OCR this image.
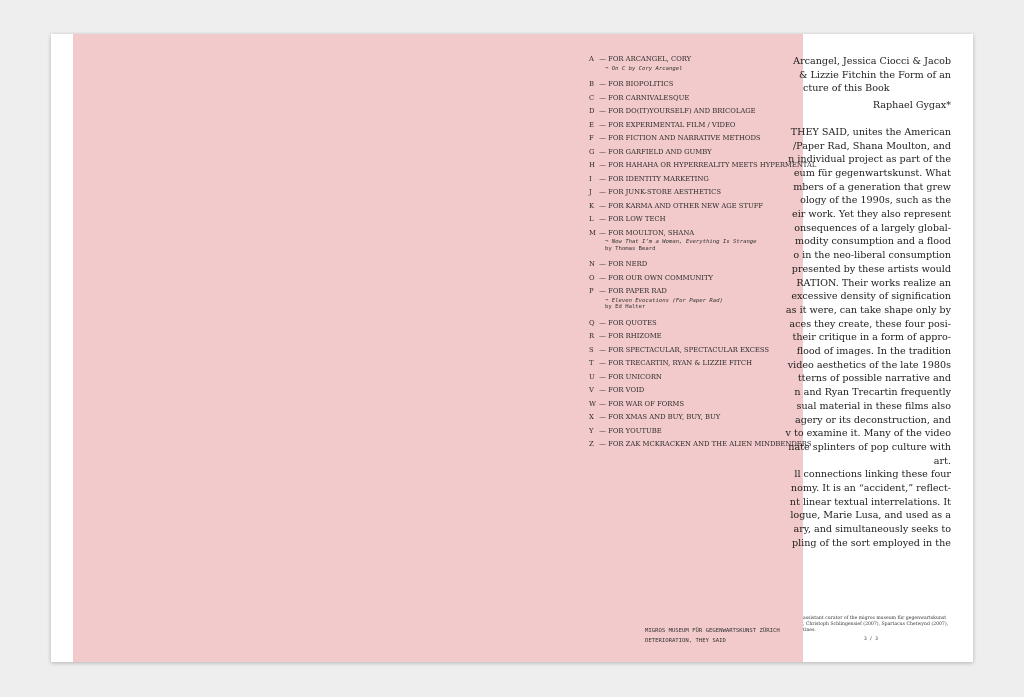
A — FOR ARCANGEL, CORY
¬ On C by Cory Arcangel
B — FOR BIOPOLITICS
C — FOR CARNIVALESQUE
D — FOR DO(IT)YOURSELF) AND BRICOLAGE
E — FOR EXPERIMENTAL FILM / VIDEO
F — FOR FICTION AND NARRATIVE METHODS
G — FOR GARFIELD AND GUMBY
H — FOR HAHAHA OR HYPERREALITY MEETS HYPERMENTAL
I — FOR IDENTITY MARKETING
J — FOR JUNK-STORE AESTHETICS
K — FOR KARMA AND OTHER NEW AGE STUFF
L — FOR LOW TECH
M — FOR MOULTON, SHANA
¬ Now That I’m a Woman, Everything Is Strange
by Thomas Beard
N — FOR NERD
O — FOR OUR OWN COMMUNITY
P — FOR PAPER RAD
¬ Eleven Evocations (For Paper Rad)
by Ed Halter
Q — FOR QUOTES
R — FOR RHIZOME
S — FOR SPECTACULAR, SPECTACULAR EXCESS
T — FOR TRECARTIN, RYAN & LIZZIE FITCH
U — FOR UNICORN
V — FOR VOID
W — FOR WAR OF FORMS
X — FOR XMAS AND BUY, BUY, BUY
Y — FOR YOUTUBE
Z — FOR ZAK MCKRACKEN AND THE ALIEN MINDBENDERS
MIGROS MUSEUM FÜR GEGENWARTSKUNST ZÜRICH
DETERIORATION, THEY SAID
Arcangel, Jessica Ciocci & Jacob
& Lizzie Fitchin the Form of an
cture of this Book
Raphael Gygax*
THEY SAID, unites the American
/Paper Rad, Shana Moulton, and
n individual project as part of the
eum für gegenwartskunst. What
mbers of a generation that grew
ology of the 1990s, such as the
eir work. Yet they also represent
onsequences of a largely global-
modity consumption and a flood
o in the neo-liberal consumption
presented by these artists would
RATION. Their works realize an
excessive density of signification
as it were, can take shape only by
aces they create, these four posi-
their critique in a form of appro-
flood of images. In the tradition
video aesthetics of the late 1980s
tterns of possible narrative and
n and Ryan Trecartin frequently
sual material in these films also
agery or its deconstruction, and
v to examine it. Many of the video
nate splinters of pop culture with
art.
ll connections linking these four
nomy. It is an “accident,” reflect-
nt linear textual interrelations. It
logue, Marie Lusa, and used as a
ary, and simultaneously seeks to
pling of the sort employed in the
assistant curator of the migros museum für gegenwartskunst
, Christoph Schlingensief (2007), Spartacus Chetwynd (2007),
tines.
3 / 3
